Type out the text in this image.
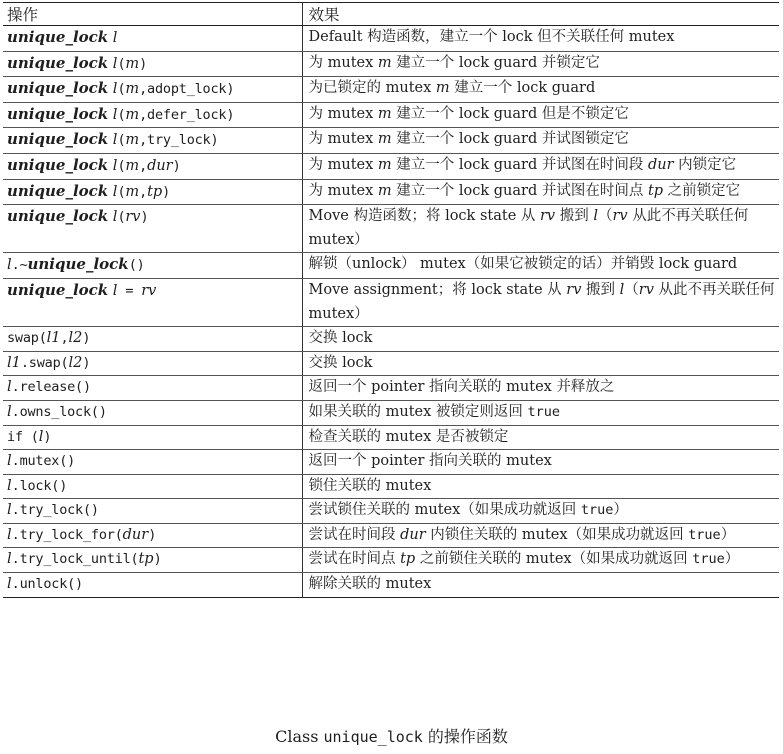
操作	效果
unique_lock l	Default 构造函数，建立一个 lock 但不关联任何 mutex
unique_lock l(m)	为 mutex m 建立一个 lock guard 并锁定它
unique_lock l(m,adopt_lock)	为已锁定的 mutex m 建立一个 lock guard
unique_lock l(m,defer_lock)	为 mutex m 建立一个 lock guard 但是不锁定它
unique_lock l(m,try_lock)	为 mutex m 建立一个 lock guard 并试图锁定它
unique_lock l(m,dur)	为 mutex m 建立一个 lock guard 并试图在时间段 dur 内锁定它
unique_lock l(m,tp)	为 mutex m 建立一个 lock guard 并试图在时间点 tp 之前锁定它
unique_lock l(rv)	Move 构造函数；将 lock state 从 rv 搬到 l（rv 从此不再关联任何 mutex）
l.~unique_lock()	解锁（unlock） mutex（如果它被锁定的话）并销毁 lock guard
unique_lock l = rv	Move assignment；将 lock state 从 rv 搬到 l（rv 从此不再关联任何 mutex）
swap(l1,l2)	交换 lock
l1.swap(l2)	交换 lock
l.release()	返回一个 pointer 指向关联的 mutex 并释放之
l.owns_lock()	如果关联的 mutex 被锁定则返回 true
if (l)	检查关联的 mutex 是否被锁定
l.mutex()	返回一个 pointer 指向关联的 mutex
l.lock()	锁住关联的 mutex
l.try_lock()	尝试锁住关联的 mutex（如果成功就返回 true）
l.try_lock_for(dur)	尝试在时间段 dur 内锁住关联的 mutex（如果成功就返回 true）
l.try_lock_until(tp)	尝试在时间点 tp 之前锁住关联的 mutex（如果成功就返回 true）
l.unlock()	解除关联的 mutex
Class unique_lock 的操作函数
